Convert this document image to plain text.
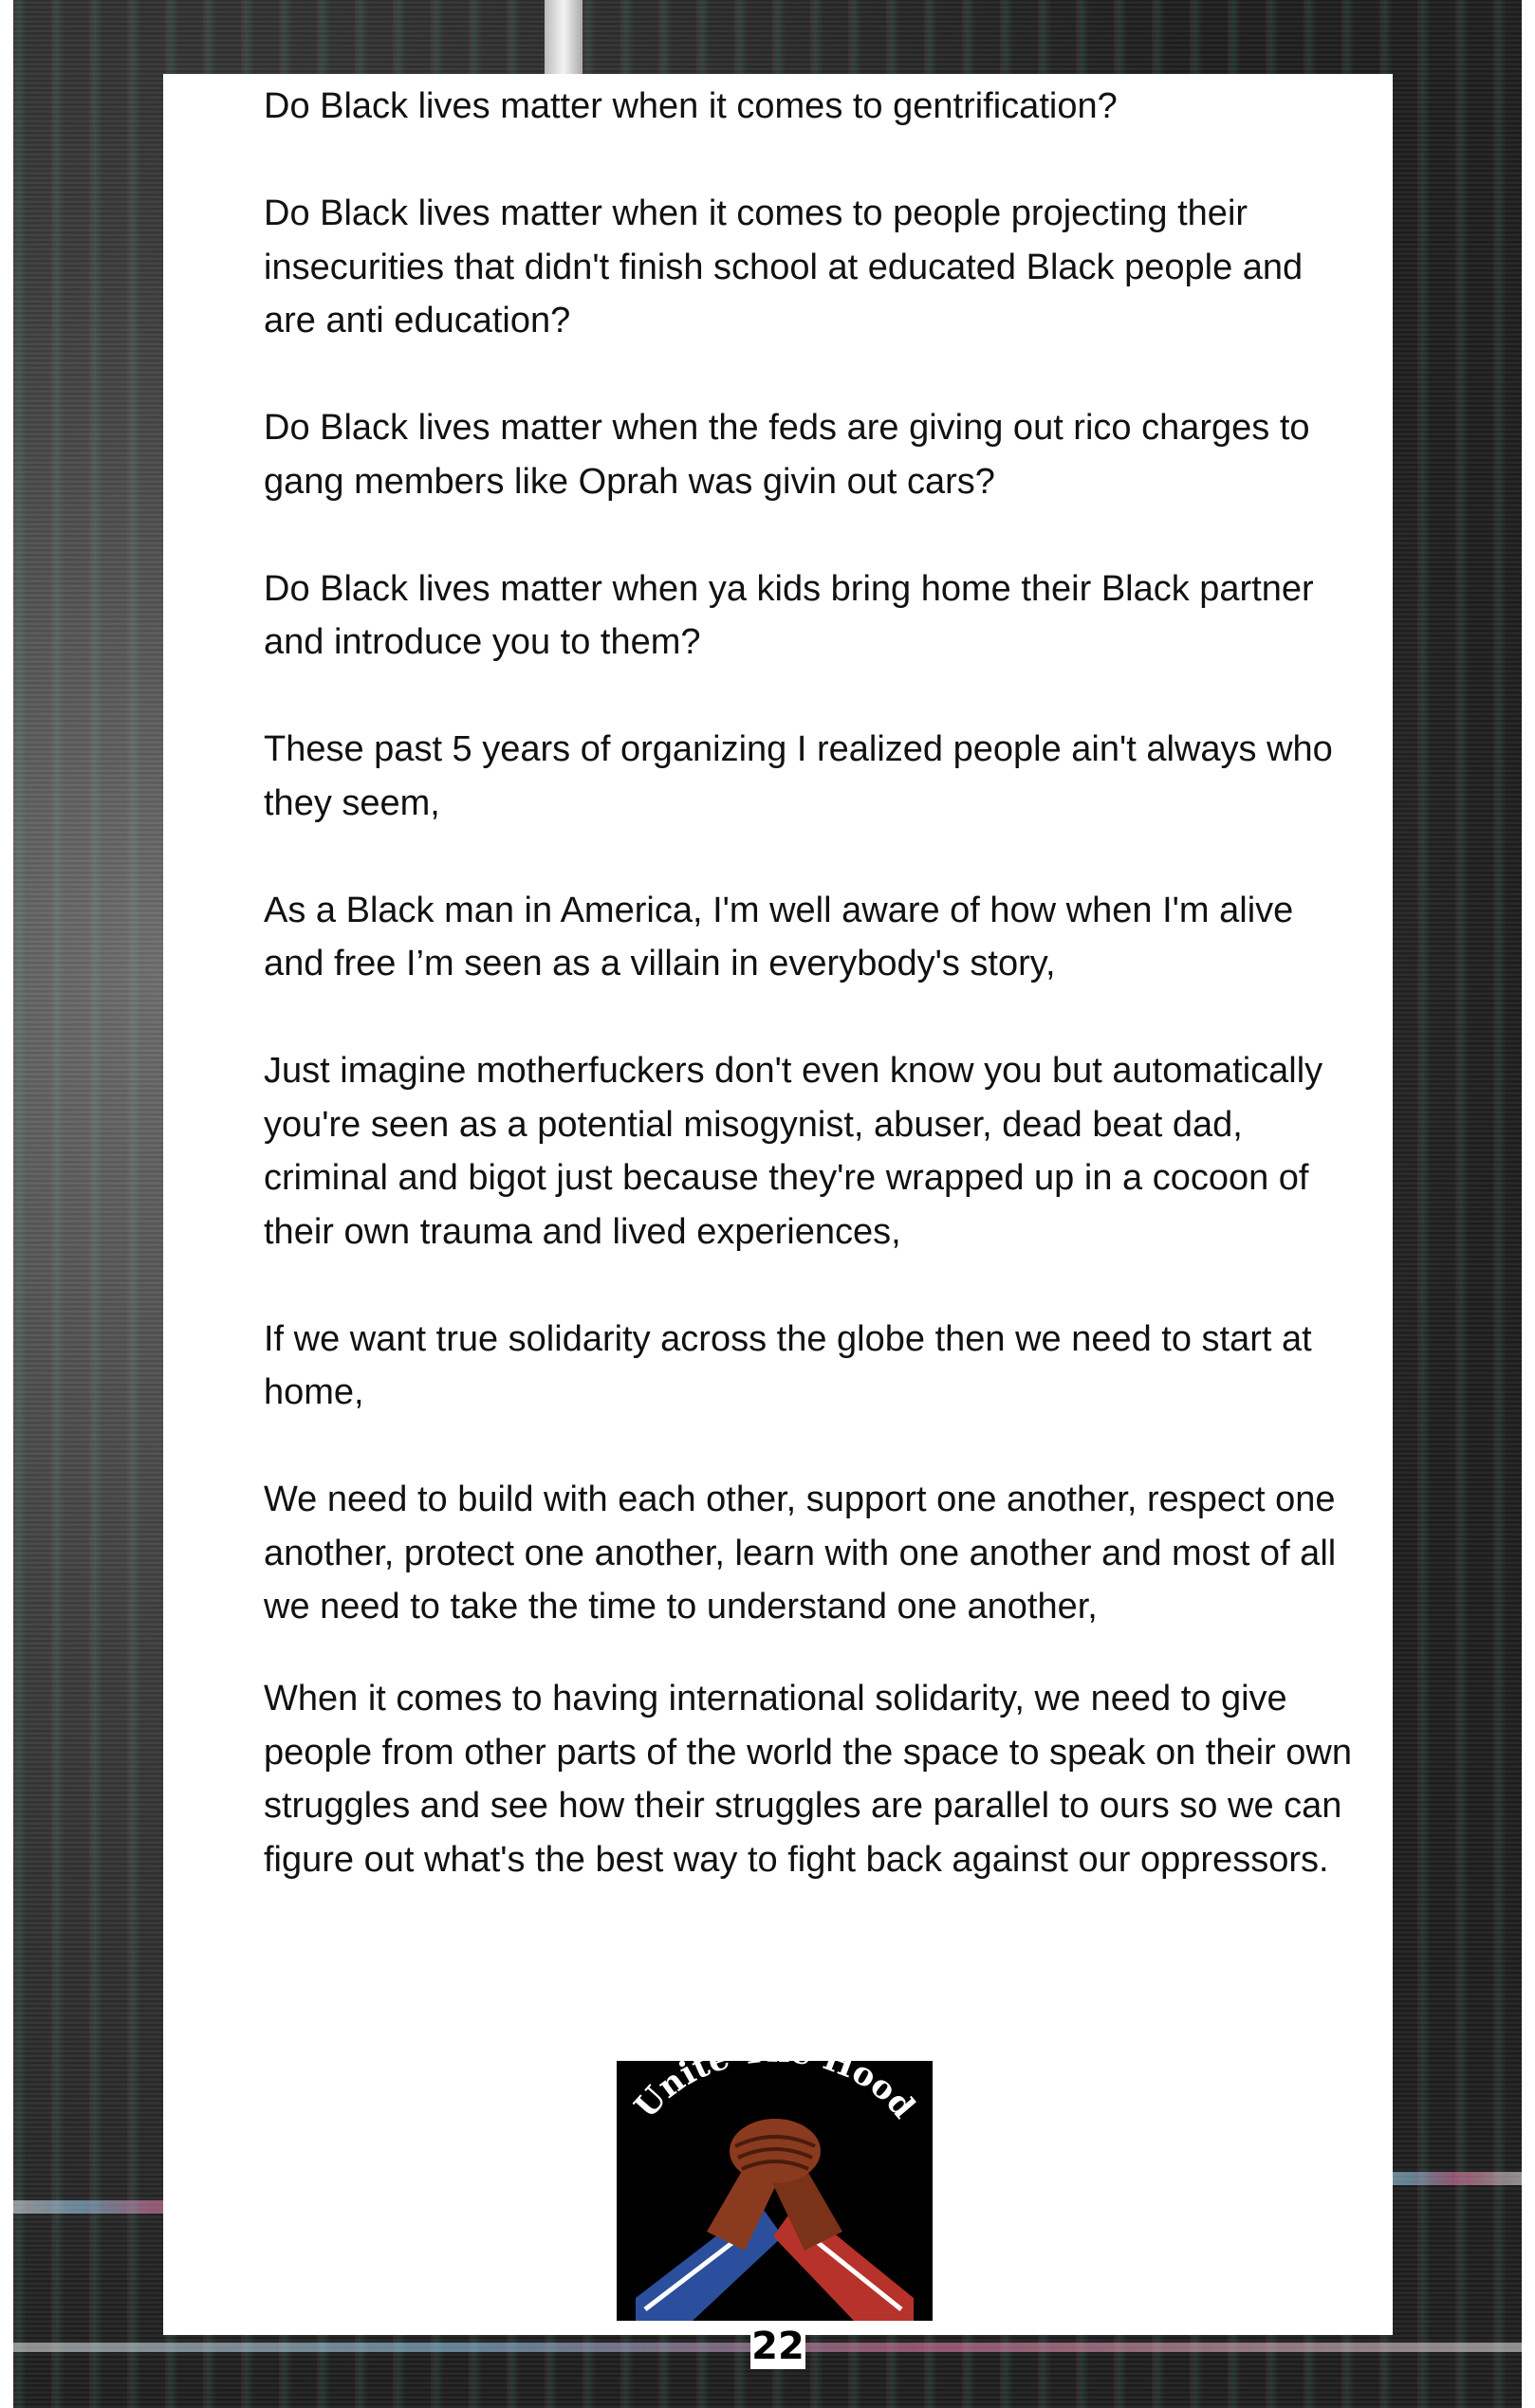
Do Black lives matter when it comes to gentrification?

Do Black lives matter when it comes to people projecting their insecurities that didn't finish school at educated Black people and are anti education?

Do Black lives matter when the feds are giving out rico charges to gang members like Oprah was givin out cars?

Do Black lives matter when ya kids bring home their Black partner and introduce you to them?

These past 5 years of organizing I realized people ain't always who they seem,

As a Black man in America, I'm well aware of how when I'm alive and free I’m seen as a villain in everybody's story,

Just imagine motherfuckers don't even know you but automatically you're seen as a potential misogynist, abuser, dead beat dad, criminal and bigot just because they're wrapped up in a cocoon of their own trauma and lived experiences,

If we want true solidarity across the globe then we need to start at home,

We need to build with each other, support one another, respect one another, protect one another, learn with one another and most of all we need to take the time to understand one another,

When it comes to having international solidarity, we need to give people from other parts of the world the space to speak on their own struggles and see how their struggles are parallel to ours so we can figure out what's the best way to fight back against our oppressors.

Unit Hood
22
